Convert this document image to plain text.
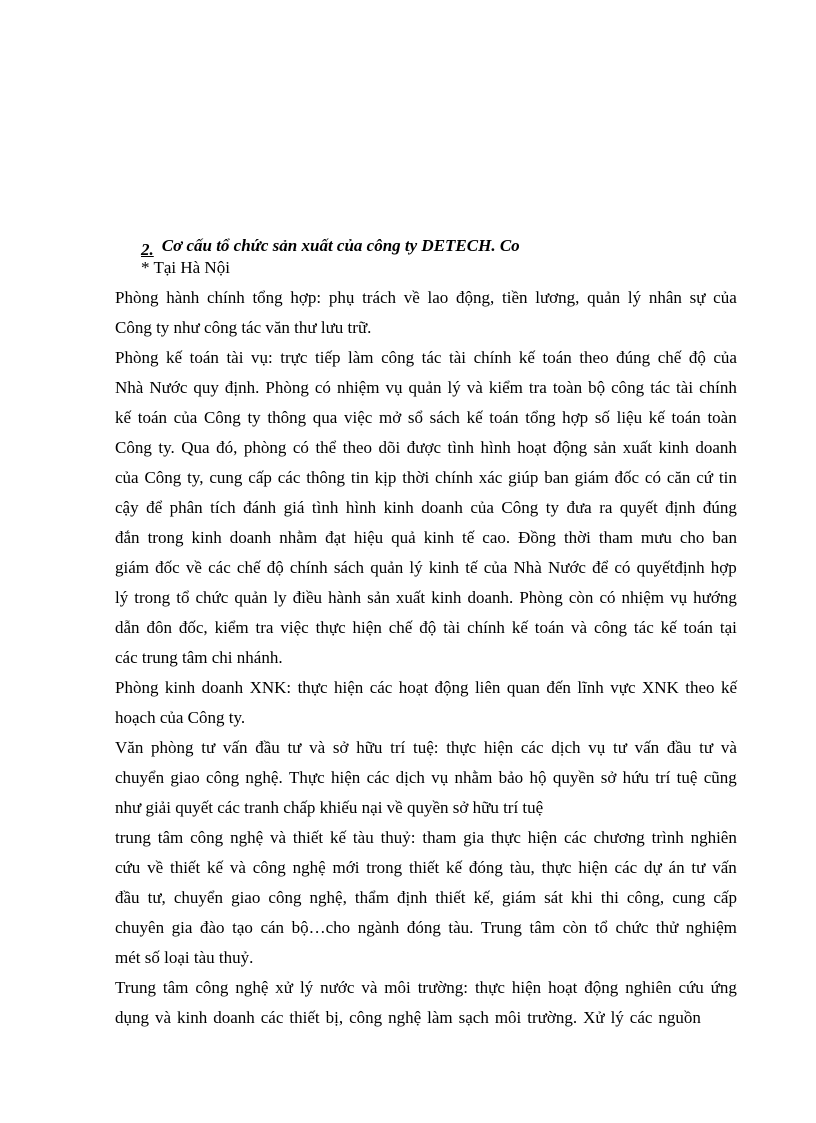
2. Cơ cấu tổ chức sản xuất của công ty DETECH. Co
* Tại Hà Nội
Phòng hành chính tổng hợp: phụ trách về lao động, tiền lương, quản lý nhân sự của
Công ty như công tác văn thư lưu trữ.
Phòng kế toán tài vụ: trực tiếp làm công tác tài chính kế toán theo đúng chế độ của
Nhà Nước quy định. Phòng có nhiệm vụ quản lý và kiểm tra toàn bộ công tác tài chính
kế toán của Công ty thông qua việc mở sổ sách kế toán tổng hợp số liệu kế toán toàn
Công ty. Qua đó, phòng có thể theo dõi được tình hình hoạt động sản xuất kinh doanh
của Công ty, cung cấp các thông tin kịp thời chính xác giúp ban giám đốc có căn cứ tin
cậy để phân tích đánh giá tình hình kinh doanh của Công ty đưa ra quyết định đúng
đắn trong kinh doanh nhằm đạt hiệu quả kinh tế cao. Đồng thời tham mưu cho ban
giám đốc về các chế độ chính sách quản lý kinh tế của Nhà Nước để có quyếtđịnh hợp
lý trong tổ chức quản ly điều hành sản xuất kinh doanh. Phòng còn có nhiệm vụ hướng
dẫn đôn đốc, kiểm tra việc thực hiện chế độ tài chính kế toán và công tác kế toán tại
các trung tâm chi nhánh.
Phòng kinh doanh XNK: thực hiện các hoạt động liên quan đến lĩnh vực XNK theo kế
hoạch của Công ty.
Văn phòng tư vấn đầu tư và sở hữu trí tuệ: thực hiện các dịch vụ tư vấn đầu tư và
chuyển giao công nghệ. Thực hiện các dịch vụ nhằm bảo hộ quyền sở hứu trí tuệ cũng
như giải quyết các tranh chấp khiếu nại về quyền sở hữu trí tuệ
trung tâm công nghệ và thiết kế tàu thuỷ: tham gia thực hiện các chương trình nghiên
cứu về thiết kế và công nghệ mới trong thiết kế đóng tàu, thực hiện các dự án tư vấn
đầu tư, chuyển giao công nghệ, thẩm định thiết kế, giám sát khi thi công, cung cấp
chuyên gia đào tạo cán bộ…cho ngành đóng tàu. Trung tâm còn tổ chức thử nghiệm
mét số loại tàu thuỷ.
Trung tâm công nghệ xử lý nước và môi trường: thực hiện hoạt động nghiên cứu ứng
dụng và kinh doanh các thiết bị, công nghệ làm sạch môi trường. Xử lý các nguồn
